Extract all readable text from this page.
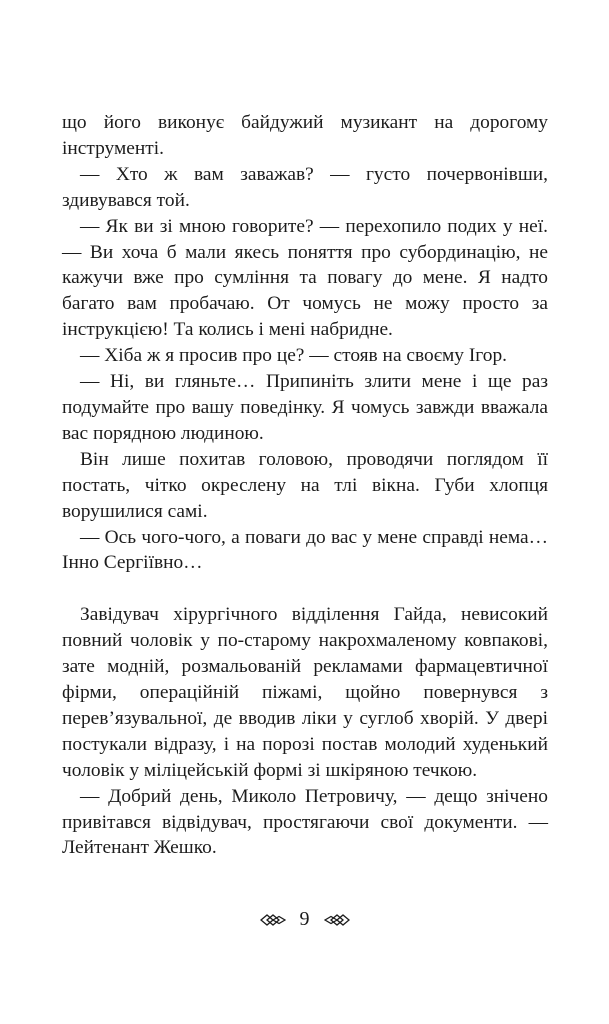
що його виконує байдужий музикант на дорогому інструменті.

— Хто ж вам заважав? — густо почервонівши, здивувався той.

— Як ви зі мною говорите? — перехопило подих у неї. — Ви хоча б мали якесь поняття про субординацію, не кажучи вже про сумління та повагу до мене. Я надто багато вам пробачаю. От чомусь не можу просто за інструкцією! Та колись і мені набридне.

— Хіба ж я просив про це? — стояв на своєму Ігор.

— Ні, ви гляньте… Припиніть злити мене і ще раз подумайте про вашу поведінку. Я чомусь завжди вважала вас порядною людиною.

Він лише похитав головою, проводячи поглядом її постать, чітко окреслену на тлі вікна. Губи хлопця ворушилися самі.

— Ось чого-чого, а поваги до вас у мене справді нема… Інно Сергіївно…

Завідувач хірургічного відділення Гайда, невисокий повний чоловік у по-старому накрохмаленому ковпакові, зате модній, розмальованій рекламами фармацевтичної фірми, операційній піжамі, щойно повернувся з перев’язувальної, де вводив ліки у суглоб хворій. У двері постукали відразу, і на порозі постав молодий худенький чоловік у міліцейській формі зі шкіряною течкою.

— Добрий день, Миколо Петровичу, — дещо знічено привітався відвідувач, простягаючи свої документи. — Лейтенант Жешко.

9
